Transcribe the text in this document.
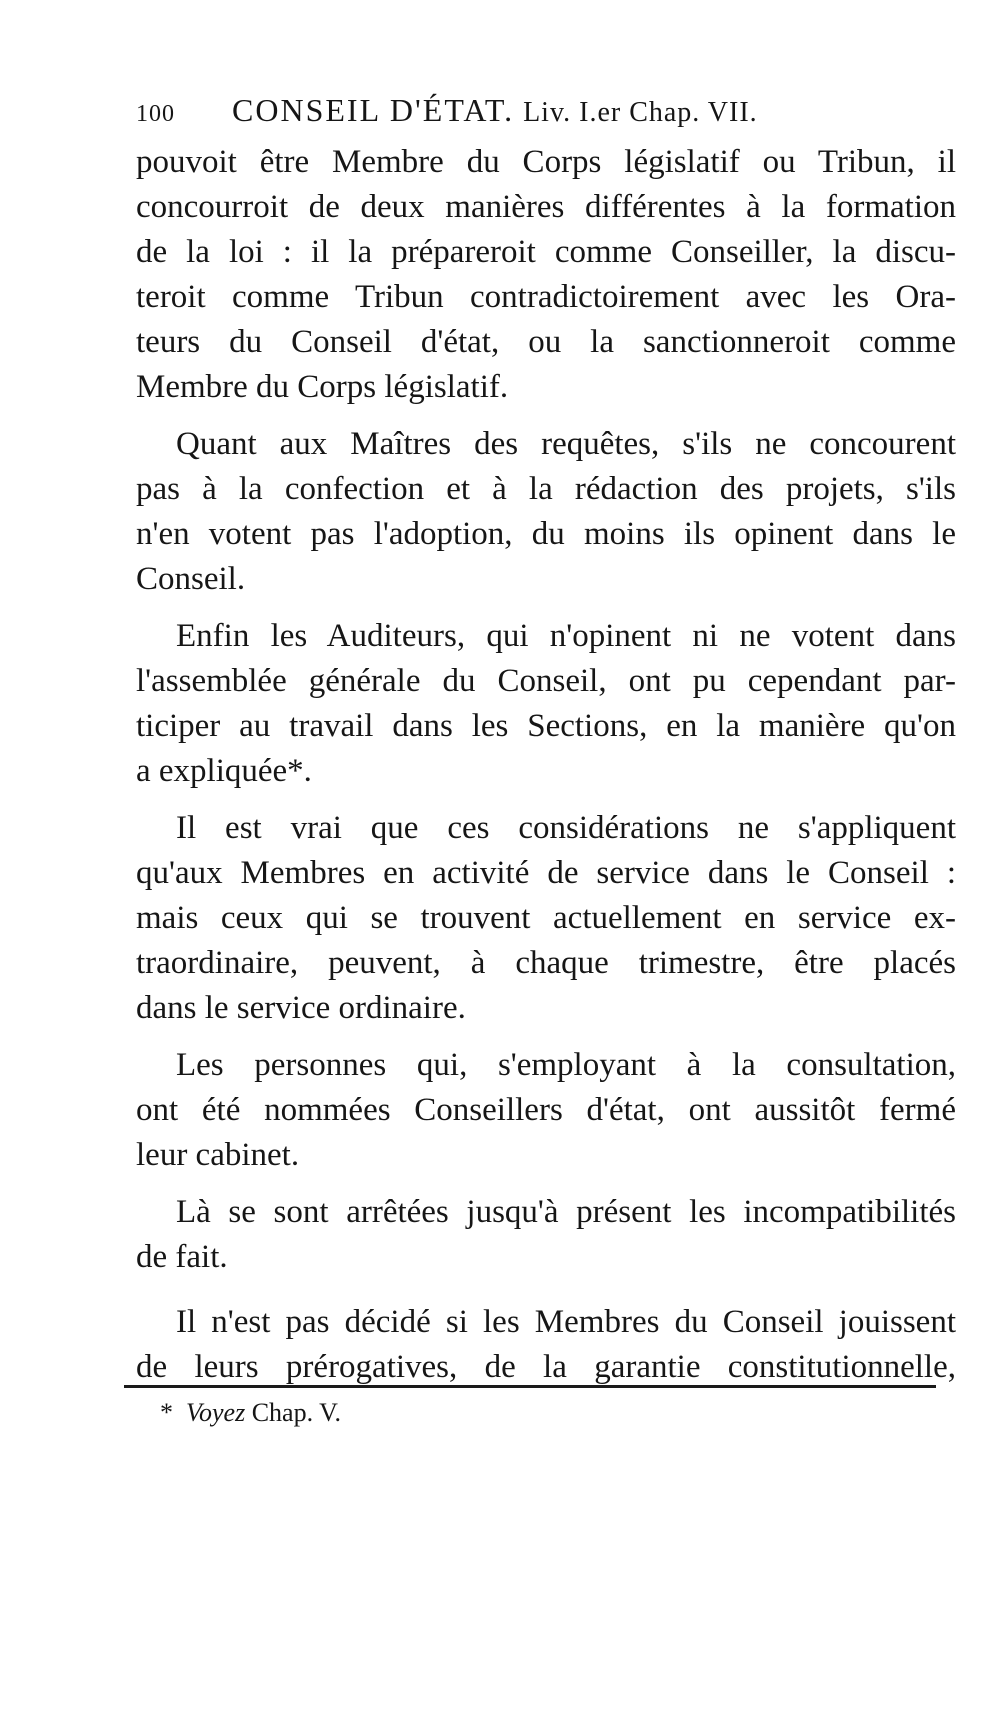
100 CONSEIL D'ÉTAT. Liv. I.er Chap. VII.
pouvoit être Membre du Corps législatif ou Tribun, il
concourroit de deux manières différentes à la formation
de la loi : il la prépareroit comme Conseiller, la discu-
teroit comme Tribun contradictoirement avec les Ora-
teurs du Conseil d'état, ou la sanctionneroit comme
Membre du Corps législatif.
Quant aux Maîtres des requêtes, s'ils ne concourent
pas à la confection et à la rédaction des projets, s'ils
n'en votent pas l'adoption, du moins ils opinent dans le
Conseil.
Enfin les Auditeurs, qui n'opinent ni ne votent dans
l'assemblée générale du Conseil, ont pu cependant par-
ticiper au travail dans les Sections, en la manière qu'on
a expliquée*.
Il est vrai que ces considérations ne s'appliquent
qu'aux Membres en activité de service dans le Conseil :
mais ceux qui se trouvent actuellement en service ex-
traordinaire, peuvent, à chaque trimestre, être placés
dans le service ordinaire.
Les personnes qui, s'employant à la consultation,
ont été nommées Conseillers d'état, ont aussitôt fermé
leur cabinet.
Là se sont arrêtées jusqu'à présent les incompatibilités
de fait.
Il n'est pas décidé si les Membres du Conseil jouissent
de leurs prérogatives, de la garantie constitutionnelle,
* Voyez Chap. V.
